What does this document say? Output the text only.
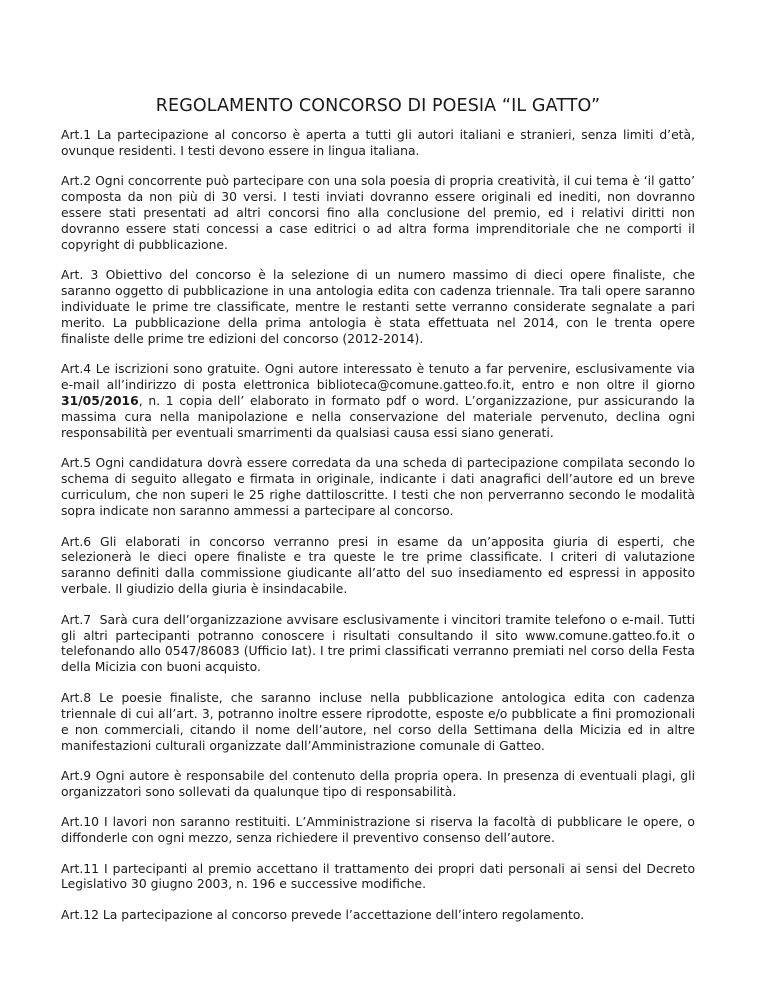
REGOLAMENTO CONCORSO DI POESIA “IL GATTO”

Art.1 La partecipazione al concorso è aperta a tutti gli autori italiani e stranieri, senza limiti d’età, ovunque residenti. I testi devono essere in lingua italiana.

Art.2 Ogni concorrente può partecipare con una sola poesia di propria creatività, il cui tema è ‘il gatto’ composta da non più di 30 versi. I testi inviati dovranno essere originali ed inediti, non dovranno essere stati presentati ad altri concorsi fino alla conclusione del premio, ed i relativi diritti non dovranno essere stati concessi a case editrici o ad altra forma imprenditoriale che ne comporti il copyright di pubblicazione.

Art. 3 Obiettivo del concorso è la selezione di un numero massimo di dieci opere finaliste, che saranno oggetto di pubblicazione in una antologia edita con cadenza triennale. Tra tali opere saranno individuate le prime tre classificate, mentre le restanti sette verranno considerate segnalate a pari merito. La pubblicazione della prima antologia è stata effettuata nel 2014, con le trenta opere finaliste delle prime tre edizioni del concorso (2012-2014).

Art.4 Le iscrizioni sono gratuite. Ogni autore interessato è tenuto a far pervenire, esclusivamente via e-mail all’indirizzo di posta elettronica biblioteca@comune.gatteo.fo.it, entro e non oltre il giorno 31/05/2016, n. 1 copia dell’ elaborato in formato pdf o word. L’organizzazione, pur assicurando la massima cura nella manipolazione e nella conservazione del materiale pervenuto, declina ogni responsabilità per eventuali smarrimenti da qualsiasi causa essi siano generati.

Art.5 Ogni candidatura dovrà essere corredata da una scheda di partecipazione compilata secondo lo schema di seguito allegato e firmata in originale, indicante i dati anagrafici dell’autore ed un breve curriculum, che non superi le 25 righe dattiloscritte. I testi che non perverranno secondo le modalità sopra indicate non saranno ammessi a partecipare al concorso.

Art.6 Gli elaborati in concorso verranno presi in esame da un’apposita giuria di esperti, che selezionerà le dieci opere finaliste e tra queste le tre prime classificate. I criteri di valutazione saranno definiti dalla commissione giudicante all’atto del suo insediamento ed espressi in apposito verbale. Il giudizio della giuria è insindacabile.

Art.7  Sarà cura dell’organizzazione avvisare esclusivamente i vincitori tramite telefono o e-mail. Tutti gli altri partecipanti potranno conoscere i risultati consultando il sito www.comune.gatteo.fo.it o telefonando allo 0547/86083 (Ufficio Iat). I tre primi classificati verranno premiati nel corso della Festa della Micizia con buoni acquisto.

Art.8 Le poesie finaliste, che saranno incluse nella pubblicazione antologica edita con cadenza triennale di cui all’art. 3, potranno inoltre essere riprodotte, esposte e/o pubblicate a fini promozionali e non commerciali, citando il nome dell’autore, nel corso della Settimana della Micizia ed in altre manifestazioni culturali organizzate dall’Amministrazione comunale di Gatteo.

Art.9 Ogni autore è responsabile del contenuto della propria opera. In presenza di eventuali plagi, gli organizzatori sono sollevati da qualunque tipo di responsabilità.

Art.10 I lavori non saranno restituiti. L’Amministrazione si riserva la facoltà di pubblicare le opere, o diffonderle con ogni mezzo, senza richiedere il preventivo consenso dell’autore.

Art.11 I partecipanti al premio accettano il trattamento dei propri dati personali ai sensi del Decreto Legislativo 30 giugno 2003, n. 196 e successive modifiche.

Art.12 La partecipazione al concorso prevede l’accettazione dell’intero regolamento.
